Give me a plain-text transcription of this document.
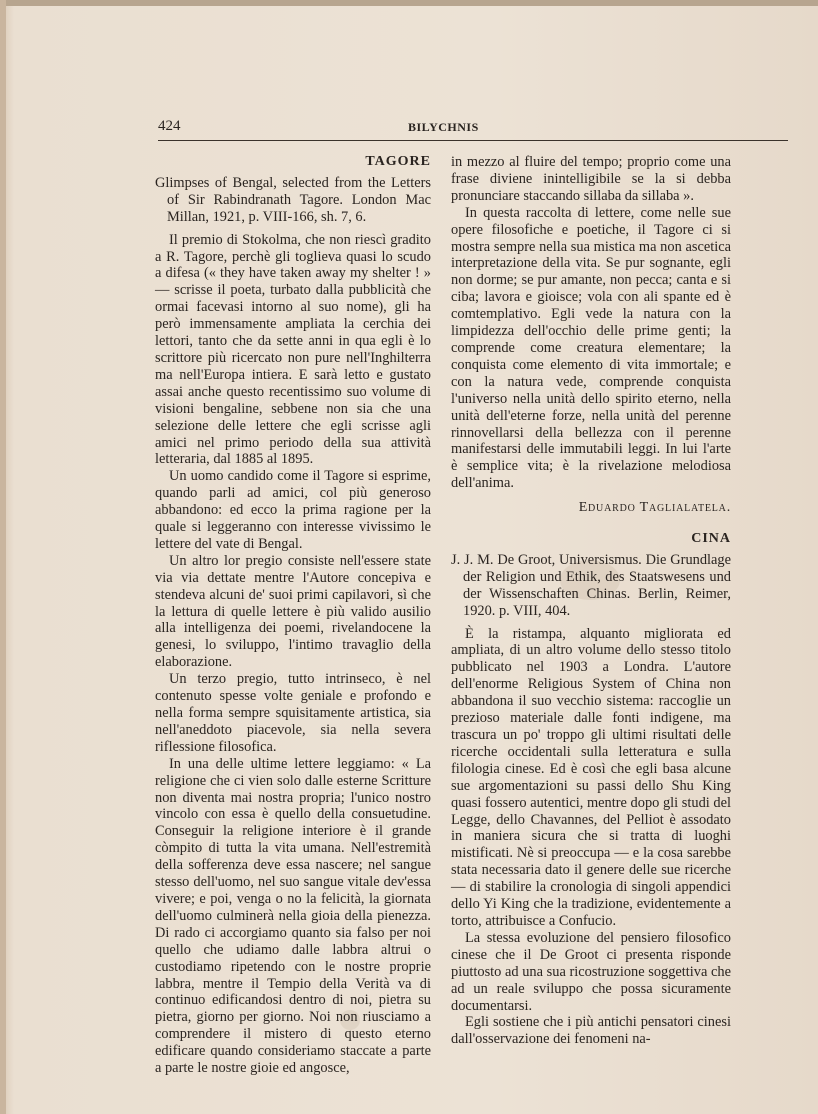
424	BILYCHNIS
TAGORE
Glimpses of Bengal, selected from the Letters of Sir Rabindranath Tagore. London Mac Millan, 1921, p. VIII-166, sh. 7, 6.

Il premio di Stokolma, che non riescì gradito a R. Tagore, perchè gli toglieva quasi lo scudo a difesa (« they have taken away my shelter ! » — scrisse il poeta, turbato dalla pubblicità che ormai facevasi intorno al suo nome), gli ha però immensamente ampliata la cerchia dei lettori, tanto che da sette anni in qua egli è lo scrittore più ricercato non pure nell'Inghilterra ma nell'Europa intiera. E sarà letto e gustato assai anche questo recentissimo suo volume di visioni bengaline, sebbene non sia che una selezione delle lettere che egli scrisse agli amici nel primo periodo della sua attività letteraria, dal 1885 al 1895.

Un uomo candido come il Tagore si esprime, quando parli ad amici, col più generoso abbandono: ed ecco la prima ragione per la quale si leggeranno con interesse vivissimo le lettere del vate di Bengal.

Un altro lor pregio consiste nell'essere state via via dettate mentre l'Autore concepiva e stendeva alcuni de' suoi primi capilavori, sì che la lettura di quelle lettere è più valido ausilio alla intelligenza dei poemi, rivelandocene la genesi, lo sviluppo, l'intimo travaglio della elaborazione.

Un terzo pregio, tutto intrinseco, è nel contenuto spesse volte geniale e profondo e nella forma sempre squisitamente artistica, sia nell'aneddoto piacevole, sia nella severa riflessione filosofica.

In una delle ultime lettere leggiamo: « La religione che ci vien solo dalle esterne Scritture non diventa mai nostra propria; l'unico nostro vincolo con essa è quello della consuetudine. Conseguir la religione interiore è il grande còmpito di tutta la vita umana. Nell'estremità della sofferenza deve essa nascere; nel sangue stesso dell'uomo, nel suo sangue vitale dev'essa vivere; e poi, venga o no la felicità, la giornata dell'uomo culminerà nella gioia della pienezza. Di rado ci accorgiamo quanto sia falso per noi quello che udiamo dalle labbra altrui o custodiamo ripetendo con le nostre proprie labbra, mentre il Tempio della Verità va di continuo edificandosi dentro di noi, pietra su pietra, giorno per giorno. Noi non riusciamo a comprendere il mistero di questo eterno edificare quando consideriamo staccate a parte a parte le nostre gioie ed angosce,

in mezzo al fluire del tempo; proprio come una frase diviene inintelligibile se la si debba pronunciare staccando sillaba da sillaba ».

In questa raccolta di lettere, come nelle sue opere filosofiche e poetiche, il Tagore ci si mostra sempre nella sua mistica ma non ascetica interpretazione della vita. Se pur sognante, egli non dorme; se pur amante, non pecca; canta e si ciba; lavora e gioisce; vola con ali spante ed è comtemplativo. Egli vede la natura con la limpidezza dell'occhio delle prime genti; la comprende come creatura elementare; la conquista come elemento di vita immortale; e con la natura vede, comprende conquista l'universo nella unità dello spirito eterno, nella unità dell'eterne forze, nella unità del perenne rinnovellarsi della bellezza con il perenne manifestarsi delle immutabili leggi. In lui l'arte è semplice vita; è la rivelazione melodiosa dell'anima.

Eduardo Taglialatela.
CINA
J. J. M. De Groot, Universismus. Die Grundlage der Religion und Ethik, des Staatswesens und der Wissenschaften Chinas. Berlin, Reimer, 1920. p. VIII, 404.

È la ristampa, alquanto migliorata ed ampliata, di un altro volume dello stesso titolo pubblicato nel 1903 a Londra. L'autore dell'enorme Religious System of China non abbandona il suo vecchio sistema: raccoglie un prezioso materiale dalle fonti indigene, ma trascura un po' troppo gli ultimi risultati delle ricerche occidentali sulla letteratura e sulla filologia cinese. Ed è così che egli basa alcune sue argomentazioni su passi dello Shu King quasi fossero autentici, mentre dopo gli studi del Legge, dello Chavannes, del Pelliot è assodato in maniera sicura che si tratta di luoghi mistificati. Nè si preoccupa — e la cosa sarebbe stata necessaria dato il genere delle sue ricerche — di stabilire la cronologia di singoli appendici dello Yi King che la tradizione, evidentemente a torto, attribuisce a Confucio.

La stessa evoluzione del pensiero filosofico cinese che il De Groot ci presenta risponde piuttosto ad una sua ricostruzione soggettiva che ad un reale sviluppo che possa sicuramente documentarsi.

Egli sostiene che i più antichi pensatori cinesi dall'osservazione dei fenomeni na-
